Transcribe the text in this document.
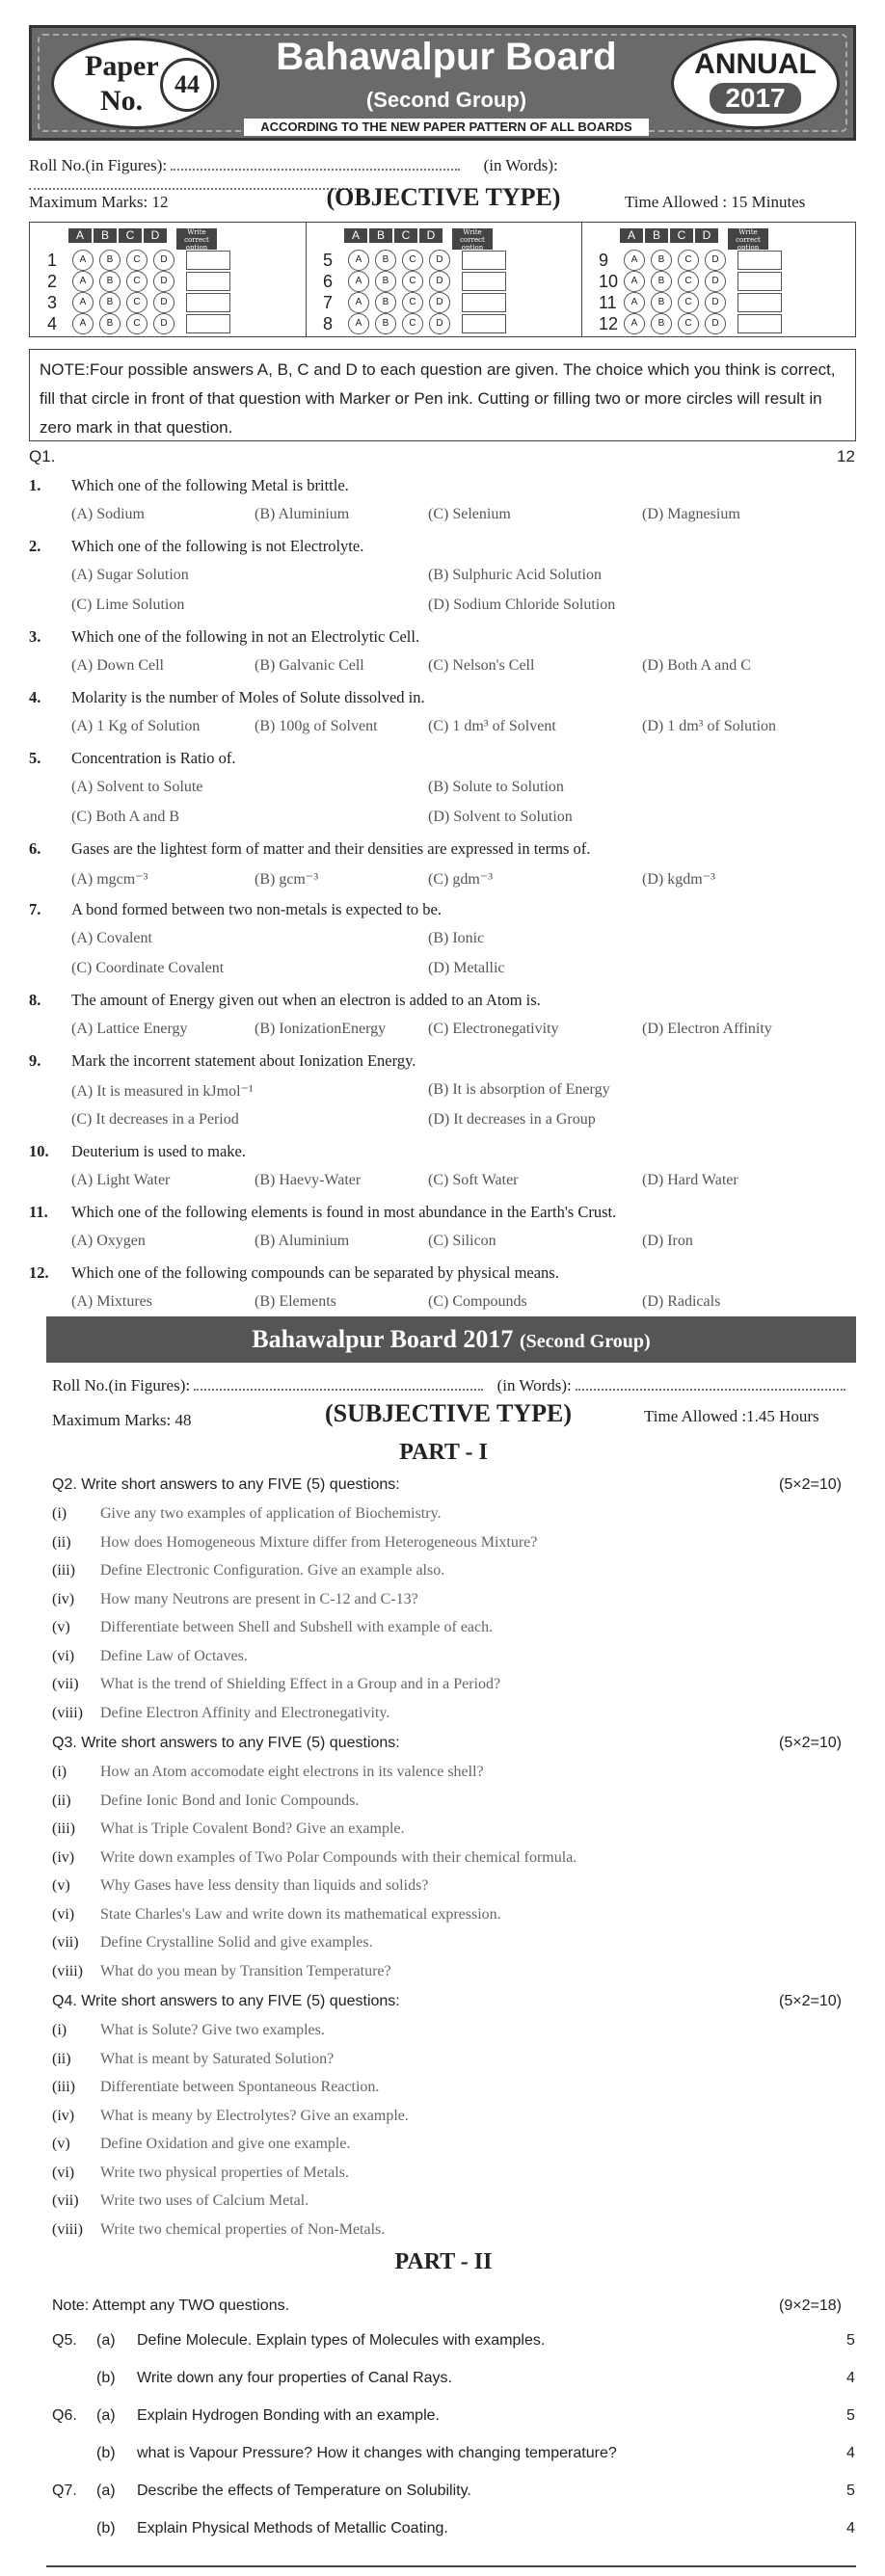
Paper
No.
44
Bahawalpur Board
(Second Group)
ACCORDING TO THE NEW PAPER PATTERN OF ALL BOARDS
ANNUAL
2017
Roll No.(in Figures):	(in Words):
Maximum Marks: 12	(OBJECTIVE TYPE)	Time Allowed : 15 Minutes
A	B	C	D	Write correct option
1	A	B	C	D
2	A	B	C	D
3	A	B	C	D
4	A	B	C	D
A	B	C	D	Write correct option
5	A	B	C	D
6	A	B	C	D
7	A	B	C	D
8	A	B	C	D
A	B	C	D	Write correct option
9	A	B	C	D
10	A	B	C	D
11	A	B	C	D
12	A	B	C	D
NOTE:Four possible answers A, B, C and D to each question are given. The choice which you think is correct, fill that circle in front of that question with Marker or Pen ink. Cutting or filling two or more circles will result in zero mark in that question.
Q1.	12
1. Which one of the following Metal is brittle.
(A) Sodium	(B) Aluminium	(C) Selenium	(D) Magnesium
2. Which one of the following is not Electrolyte.
(A) Sugar Solution	(B) Sulphuric Acid Solution
(C) Lime Solution	(D) Sodium Chloride Solution
3. Which one of the following in not an Electrolytic Cell.
(A) Down Cell	(B) Galvanic Cell	(C) Nelson's Cell	(D) Both A and C
4. Molarity is the number of Moles of Solute dissolved in.
(A) 1 Kg of Solution	(B) 100g of Solvent	(C) 1 dm³ of Solvent	(D) 1 dm³ of Solution
5. Concentration is Ratio of.
(A) Solvent to Solute	(B) Solute to Solution
(C) Both A and B	(D) Solvent to Solution
6. Gases are the lightest form of matter and their densities are expressed in terms of.
(A) mgcm⁻³	(B) gcm⁻³	(C) gdm⁻³	(D) kgdm⁻³
7. A bond formed between two non-metals is expected to be.
(A) Covalent	(B) Ionic
(C) Coordinate Covalent	(D) Metallic
8. The amount of Energy given out when an electron is added to an Atom is.
(A) Lattice Energy	(B) IonizationEnergy	(C) Electronegativity	(D) Electron Affinity
9. Mark the incorrent statement about Ionization Energy.
(A) It is measured in kJmol⁻¹	(B) It is absorption of Energy
(C) It decreases in a Period	(D) It decreases in a Group
10. Deuterium is used to make.
(A) Light Water	(B) Haevy-Water	(C) Soft Water	(D) Hard Water
11. Which one of the following elements is found in most abundance in the Earth's Crust.
(A) Oxygen	(B) Aluminium	(C) Silicon	(D) Iron
12. Which one of the following compounds can be separated by physical means.
(A) Mixtures	(B) Elements	(C) Compounds	(D) Radicals
Bahawalpur Board 2017 (Second Group)
Roll No.(in Figures):	(in Words):
Maximum Marks: 48	(SUBJECTIVE TYPE)	Time Allowed :1.45 Hours
PART - I
Q2. Write short answers to any FIVE (5) questions:	(5×2=10)
(i) Give any two examples of application of Biochemistry.
(ii) How does Homogeneous Mixture differ from Heterogeneous Mixture?
(iii) Define Electronic Configuration. Give an example also.
(iv) How many Neutrons are present in C-12 and C-13?
(v) Differentiate between Shell and Subshell with example of each.
(vi) Define Law of Octaves.
(vii) What is the trend of Shielding Effect in a Group and in a Period?
(viii) Define Electron Affinity and Electronegativity.
Q3. Write short answers to any FIVE (5) questions:	(5×2=10)
(i) How an Atom accomodate eight electrons in its valence shell?
(ii) Define Ionic Bond and Ionic Compounds.
(iii) What is Triple Covalent Bond? Give an example.
(iv) Write down examples of Two Polar Compounds with their chemical formula.
(v) Why Gases have less density than liquids and solids?
(vi) State Charles's Law and write down its mathematical expression.
(vii) Define Crystalline Solid and give examples.
(viii) What do you mean by Transition Temperature?
Q4. Write short answers to any FIVE (5) questions:	(5×2=10)
(i) What is Solute? Give two examples.
(ii) What is meant by Saturated Solution?
(iii) Differentiate between Spontaneous Reaction.
(iv) What is meany by Electrolytes? Give an example.
(v) Define Oxidation and give one example.
(vi) Write two physical properties of Metals.
(vii) Write two uses of Calcium Metal.
(viii) Write two chemical properties of Non-Metals.
PART - II
Note: Attempt any TWO questions.	(9×2=18)
Q5. (a) Define Molecule. Explain types of Molecules with examples.	5
(b) Write down any four properties of Canal Rays.	4
Q6. (a) Explain Hydrogen Bonding with an example.	5
(b) what is Vapour Pressure? How it changes with changing temperature?	4
Q7. (a) Describe the effects of Temperature on Solubility.	5
(b) Explain Physical Methods of Metallic Coating.	4
